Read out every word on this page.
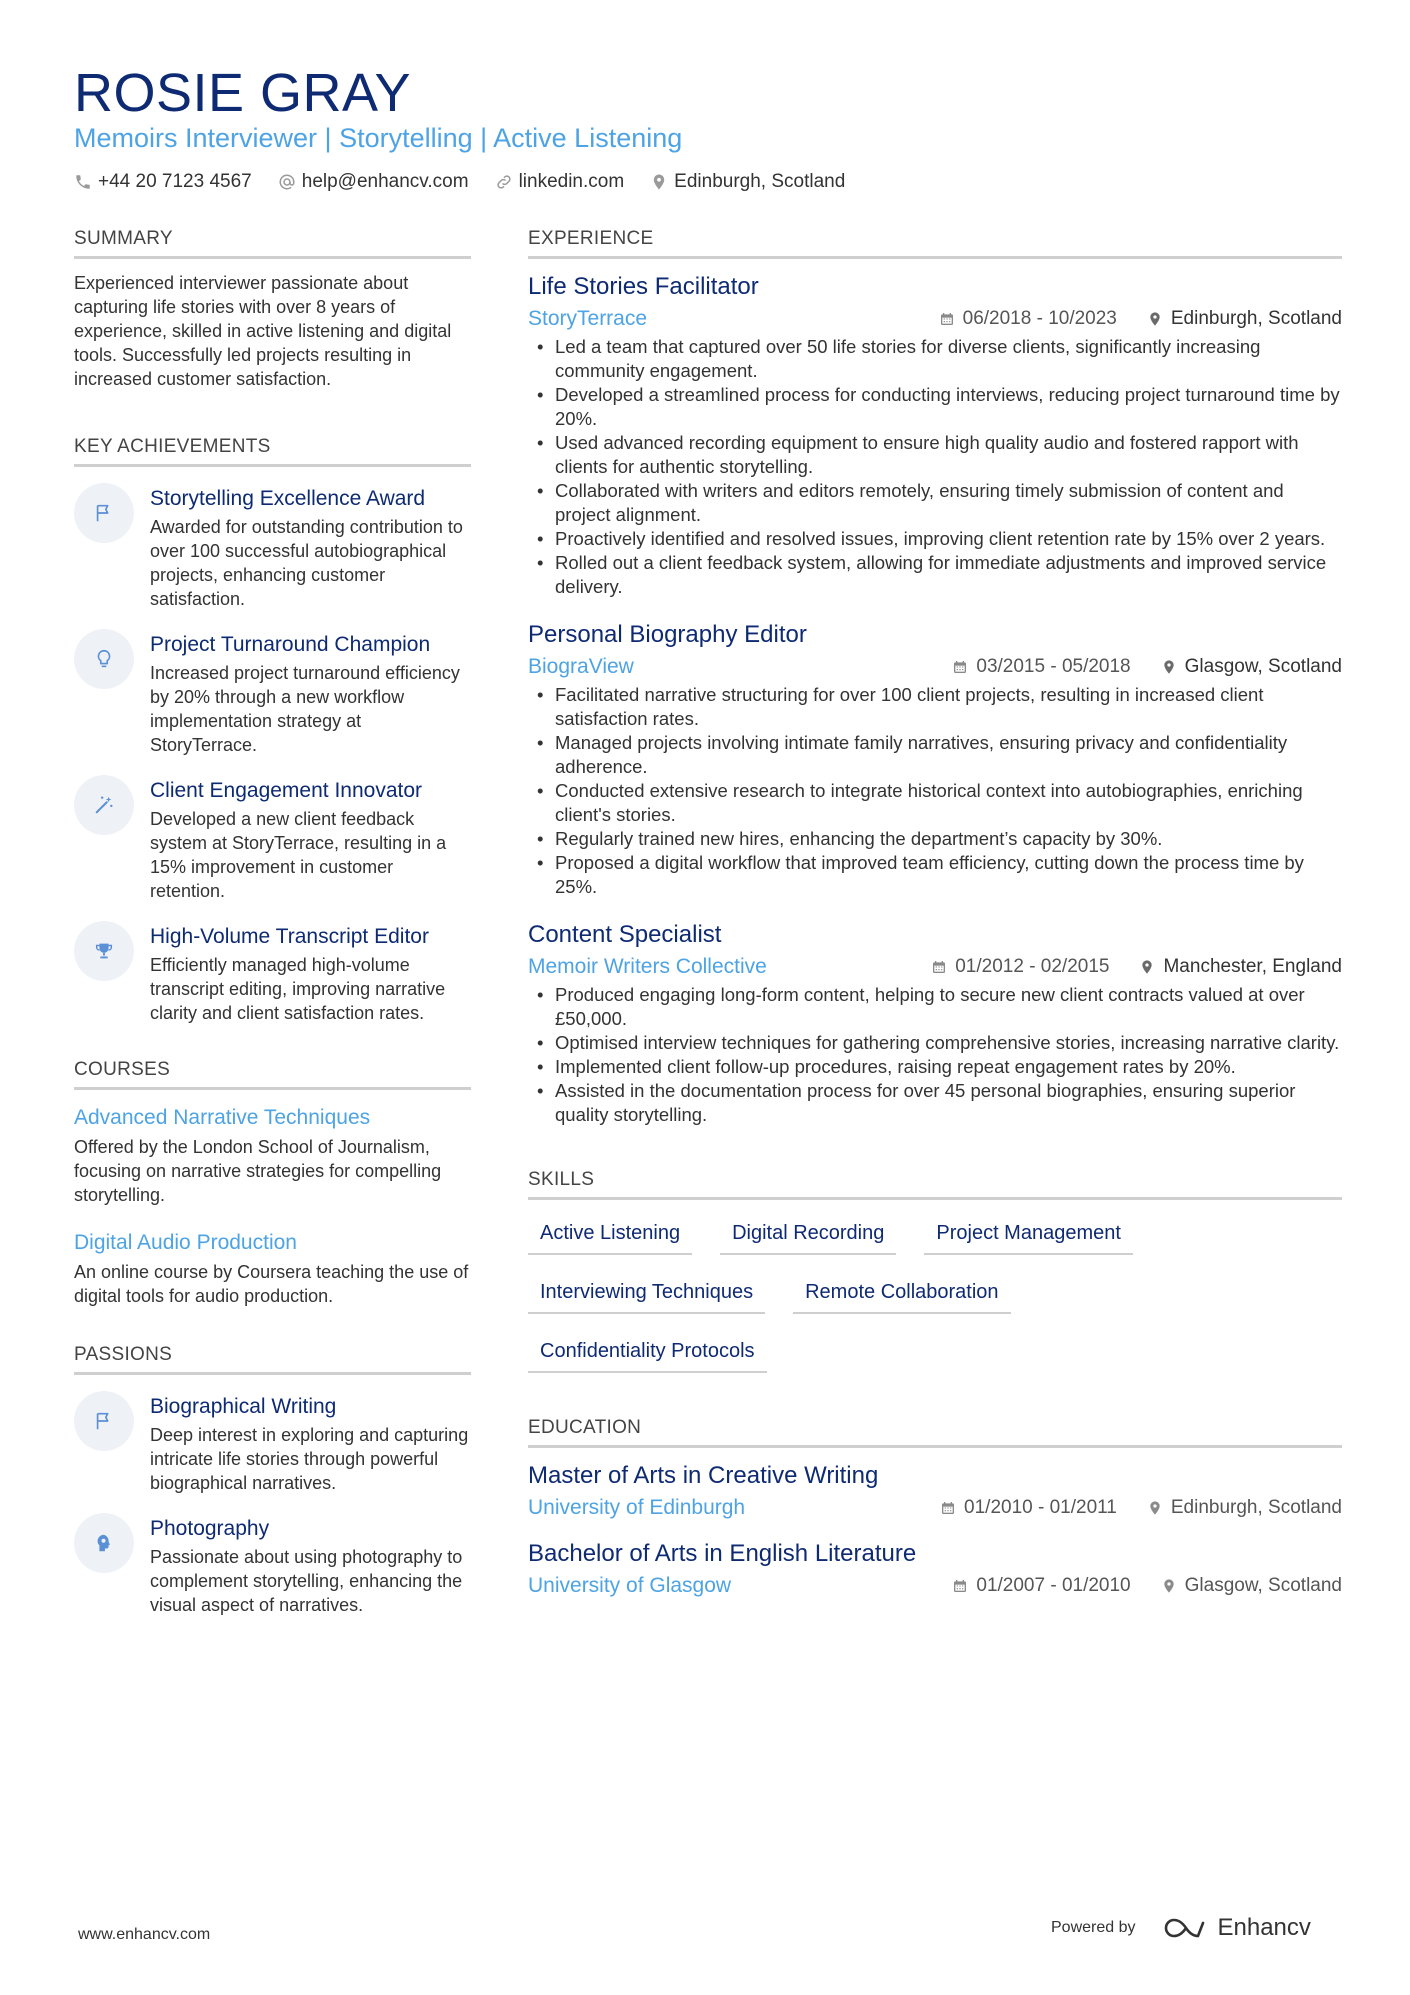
ROSIE GRAY
Memoirs Interviewer | Storytelling | Active Listening
+44 20 7123 4567	help@enhancv.com	linkedin.com	Edinburgh, Scotland
SUMMARY
Experienced interviewer passionate about capturing life stories with over 8 years of experience, skilled in active listening and digital tools. Successfully led projects resulting in increased customer satisfaction.
KEY ACHIEVEMENTS
Storytelling Excellence Award
Awarded for outstanding contribution to over 100 successful autobiographical projects, enhancing customer satisfaction.
Project Turnaround Champion
Increased project turnaround efficiency by 20% through a new workflow implementation strategy at StoryTerrace.
Client Engagement Innovator
Developed a new client feedback system at StoryTerrace, resulting in a 15% improvement in customer retention.
High-Volume Transcript Editor
Efficiently managed high-volume transcript editing, improving narrative clarity and client satisfaction rates.
COURSES
Advanced Narrative Techniques
Offered by the London School of Journalism, focusing on narrative strategies for compelling storytelling.
Digital Audio Production
An online course by Coursera teaching the use of digital tools for audio production.
PASSIONS
Biographical Writing
Deep interest in exploring and capturing intricate life stories through powerful biographical narratives.
Photography
Passionate about using photography to complement storytelling, enhancing the visual aspect of narratives.
EXPERIENCE
Life Stories Facilitator
StoryTerrace	06/2018 - 10/2023	Edinburgh, Scotland
• Led a team that captured over 50 life stories for diverse clients, significantly increasing community engagement.
• Developed a streamlined process for conducting interviews, reducing project turnaround time by 20%.
• Used advanced recording equipment to ensure high quality audio and fostered rapport with clients for authentic storytelling.
• Collaborated with writers and editors remotely, ensuring timely submission of content and project alignment.
• Proactively identified and resolved issues, improving client retention rate by 15% over 2 years.
• Rolled out a client feedback system, allowing for immediate adjustments and improved service delivery.
Personal Biography Editor
BiograView	03/2015 - 05/2018	Glasgow, Scotland
• Facilitated narrative structuring for over 100 client projects, resulting in increased client satisfaction rates.
• Managed projects involving intimate family narratives, ensuring privacy and confidentiality adherence.
• Conducted extensive research to integrate historical context into autobiographies, enriching client's stories.
• Regularly trained new hires, enhancing the department’s capacity by 30%.
• Proposed a digital workflow that improved team efficiency, cutting down the process time by 25%.
Content Specialist
Memoir Writers Collective	01/2012 - 02/2015	Manchester, England
• Produced engaging long-form content, helping to secure new client contracts valued at over £50,000.
• Optimised interview techniques for gathering comprehensive stories, increasing narrative clarity.
• Implemented client follow-up procedures, raising repeat engagement rates by 20%.
• Assisted in the documentation process for over 45 personal biographies, ensuring superior quality storytelling.
SKILLS
Active Listening	Digital Recording	Project Management
Interviewing Techniques	Remote Collaboration
Confidentiality Protocols
EDUCATION
Master of Arts in Creative Writing
University of Edinburgh	01/2010 - 01/2011	Edinburgh, Scotland
Bachelor of Arts in English Literature
University of Glasgow	01/2007 - 01/2010	Glasgow, Scotland
www.enhancv.com	Powered by	Enhancv
